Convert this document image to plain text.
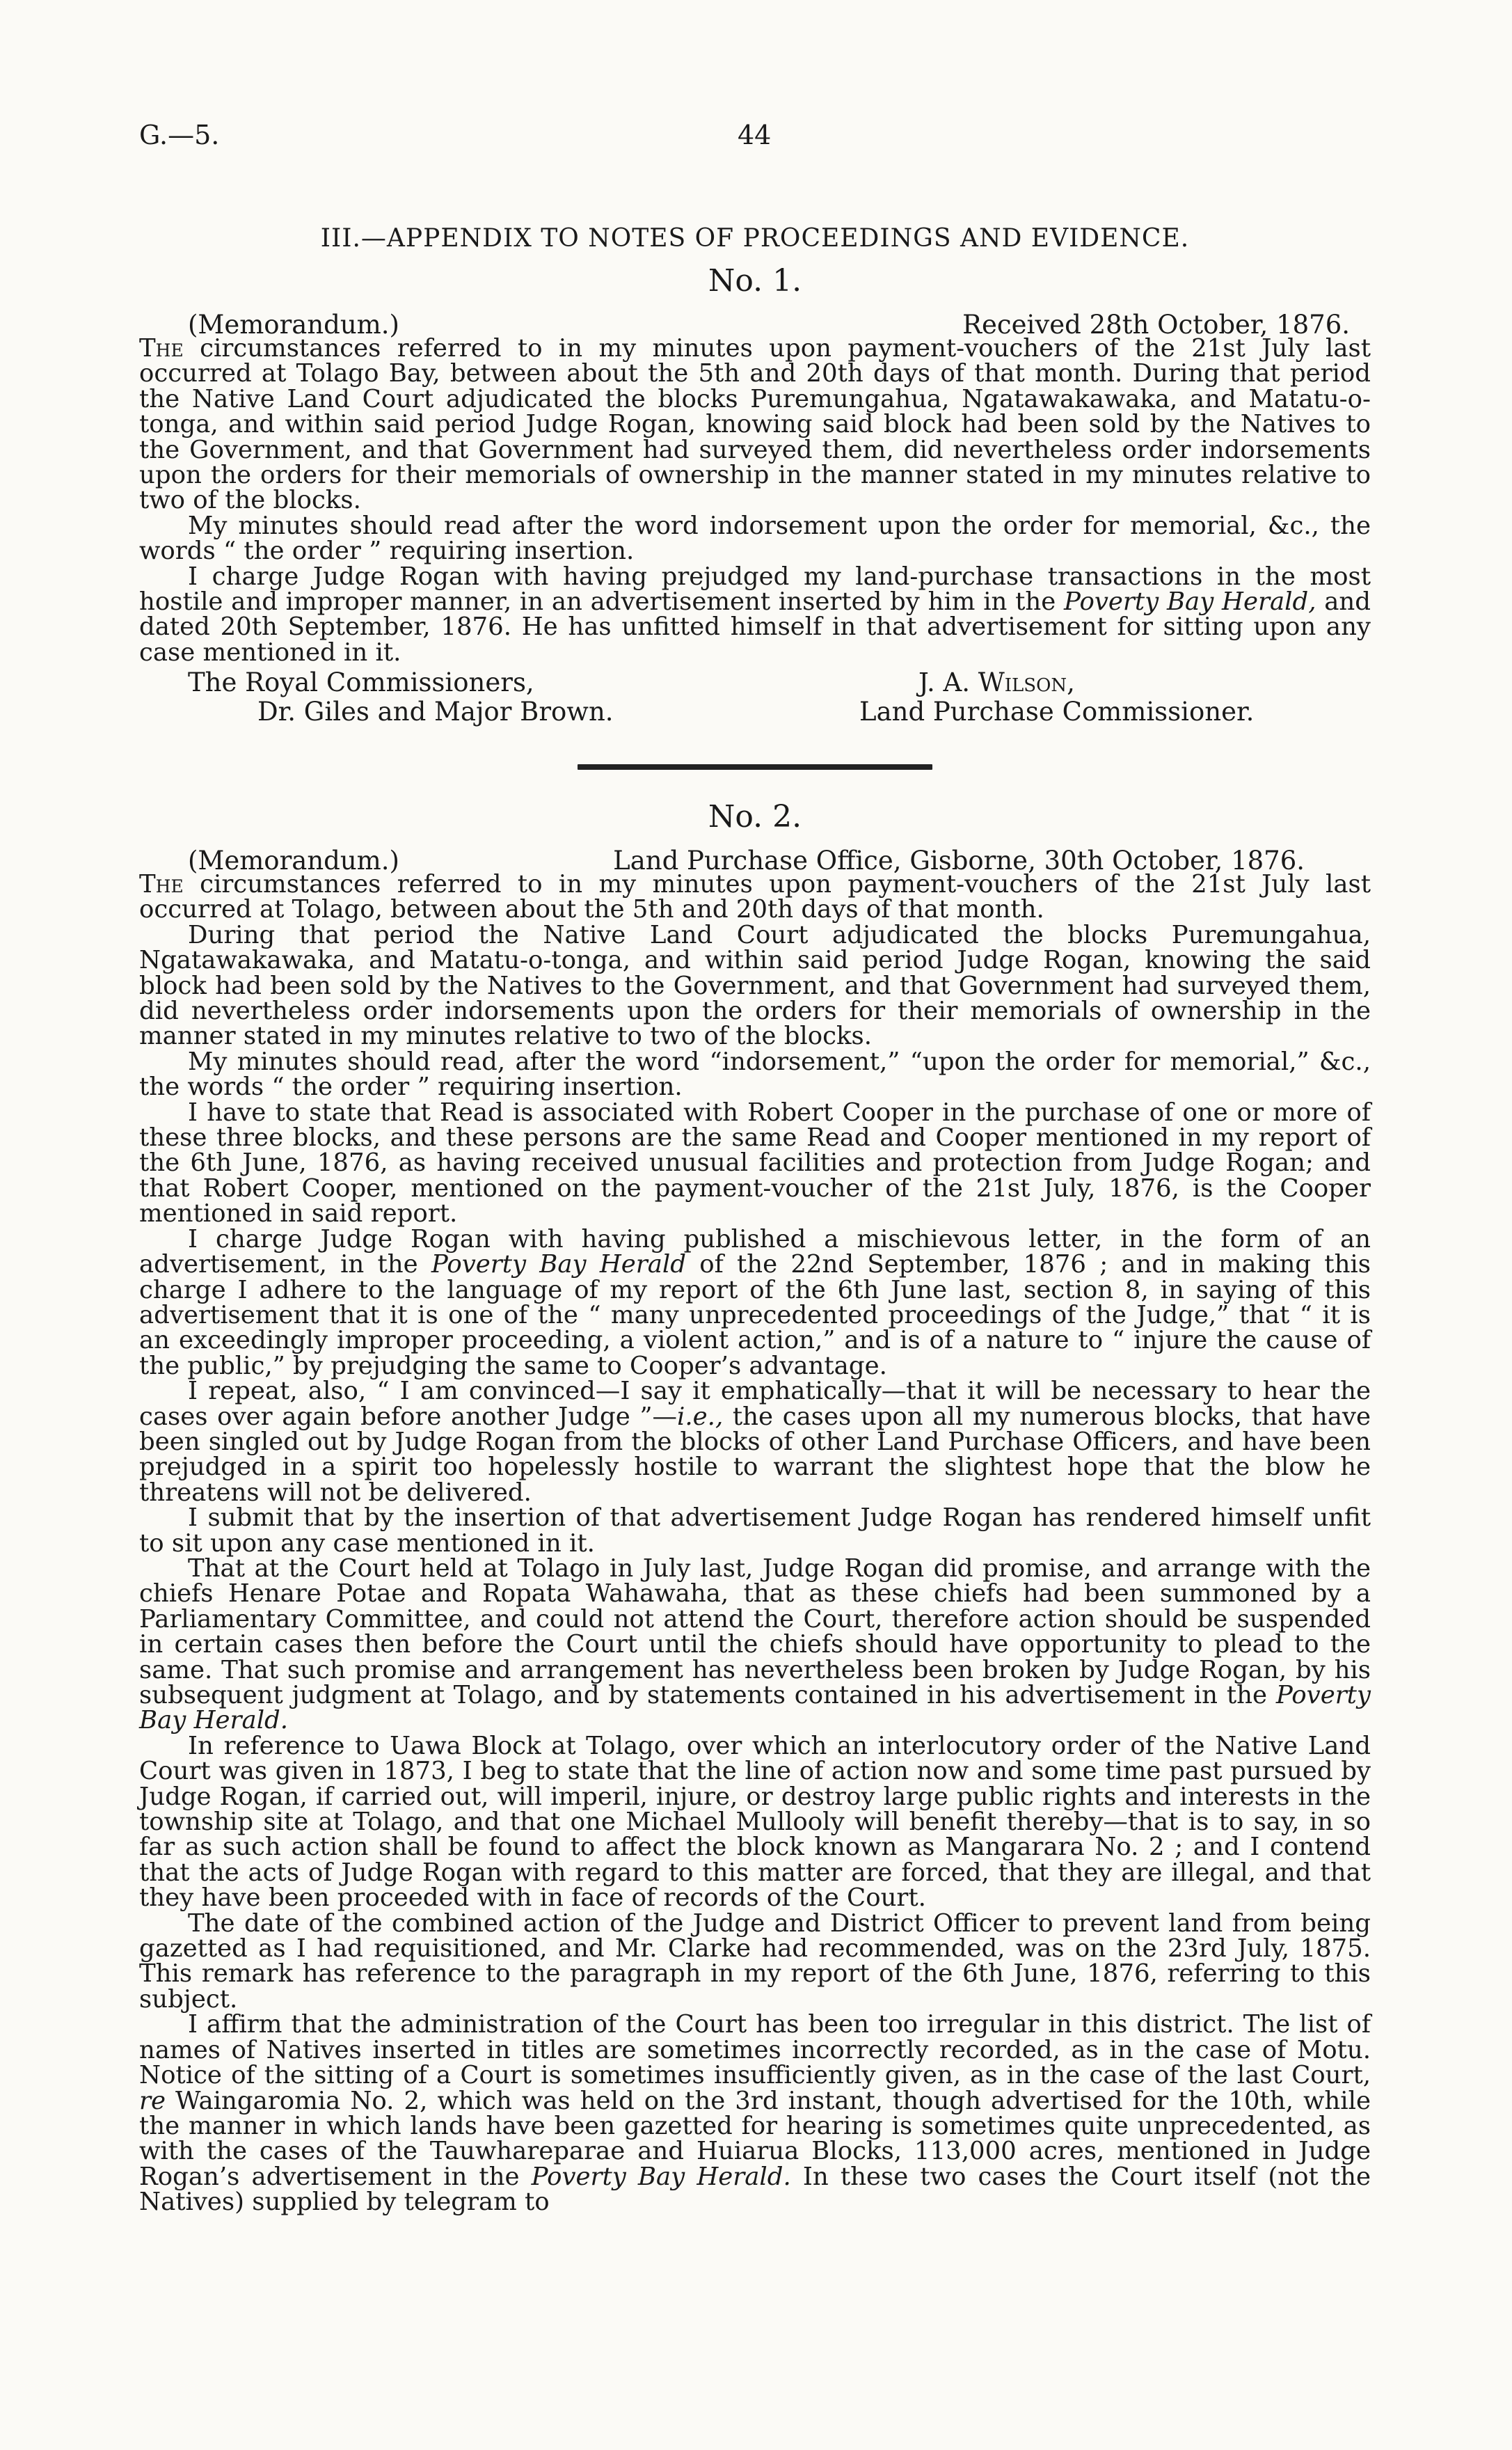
G.—5.	44
III.—APPENDIX TO NOTES OF PROCEEDINGS AND EVIDENCE.
No. 1.
(Memorandum.)	Received 28th October, 1876.

The circumstances referred to in my minutes upon payment-vouchers of the 21st July last occurred at Tolago Bay, between about the 5th and 20th days of that month. During that period the Native Land Court adjudicated the blocks Puremungahua, Ngatawakawaka, and Matatu-o-tonga, and within said period Judge Rogan, knowing said block had been sold by the Natives to the Government, and that Government had surveyed them, did nevertheless order indorsements upon the orders for their memorials of ownership in the manner stated in my minutes relative to two of the blocks.

My minutes should read after the word indorsement upon the order for memorial, &c., the words “ the order ” requiring insertion.

I charge Judge Rogan with having prejudged my land-purchase transactions in the most hostile and improper manner, in an advertisement inserted by him in the Poverty Bay Herald, and dated 20th September, 1876. He has unfitted himself in that advertisement for sitting upon any case mentioned in it.

The Royal Commissioners,	J. A. Wilson,
Dr. Giles and Major Brown.	Land Purchase Commissioner.
No. 2.
(Memorandum.)	Land Purchase Office, Gisborne, 30th October, 1876.

The circumstances referred to in my minutes upon payment-vouchers of the 21st July last occurred at Tolago, between about the 5th and 20th days of that month.

During that period the Native Land Court adjudicated the blocks Puremungahua, Ngatawakawaka, and Matatu-o-tonga, and within said period Judge Rogan, knowing the said block had been sold by the Natives to the Government, and that Government had surveyed them, did nevertheless order indorsements upon the orders for their memorials of ownership in the manner stated in my minutes relative to two of the blocks.

My minutes should read, after the word “indorsement,” “upon the order for memorial,” &c., the words “ the order ” requiring insertion.

I have to state that Read is associated with Robert Cooper in the purchase of one or more of these three blocks, and these persons are the same Read and Cooper mentioned in my report of the 6th June, 1876, as having received unusual facilities and protection from Judge Rogan; and that Robert Cooper, mentioned on the payment-voucher of the 21st July, 1876, is the Cooper mentioned in said report.

I charge Judge Rogan with having published a mischievous letter, in the form of an advertisement, in the Poverty Bay Herald of the 22nd September, 1876 ; and in making this charge I adhere to the language of my report of the 6th June last, section 8, in saying of this advertisement that it is one of the “ many unprecedented proceedings of the Judge,” that “ it is an exceedingly improper proceeding, a violent action,” and is of a nature to “ injure the cause of the public,” by prejudging the same to Cooper’s advantage.

I repeat, also, “ I am convinced—I say it emphatically—that it will be necessary to hear the cases over again before another Judge ”—i.e., the cases upon all my numerous blocks, that have been singled out by Judge Rogan from the blocks of other Land Purchase Officers, and have been prejudged in a spirit too hopelessly hostile to warrant the slightest hope that the blow he threatens will not be delivered.

I submit that by the insertion of that advertisement Judge Rogan has rendered himself unfit to sit upon any case mentioned in it.

That at the Court held at Tolago in July last, Judge Rogan did promise, and arrange with the chiefs Henare Potae and Ropata Wahawaha, that as these chiefs had been summoned by a Parliamentary Committee, and could not attend the Court, therefore action should be suspended in certain cases then before the Court until the chiefs should have opportunity to plead to the same. That such promise and arrangement has nevertheless been broken by Judge Rogan, by his subsequent judgment at Tolago, and by statements contained in his advertisement in the Poverty Bay Herald.

In reference to Uawa Block at Tolago, over which an interlocutory order of the Native Land Court was given in 1873, I beg to state that the line of action now and some time past pursued by Judge Rogan, if carried out, will imperil, injure, or destroy large public rights and interests in the township site at Tolago, and that one Michael Mullooly will benefit thereby—that is to say, in so far as such action shall be found to affect the block known as Mangarara No. 2 ; and I contend that the acts of Judge Rogan with regard to this matter are forced, that they are illegal, and that they have been proceeded with in face of records of the Court.

The date of the combined action of the Judge and District Officer to prevent land from being gazetted as I had requisitioned, and Mr. Clarke had recommended, was on the 23rd July, 1875. This remark has reference to the paragraph in my report of the 6th June, 1876, referring to this subject.

I affirm that the administration of the Court has been too irregular in this district. The list of names of Natives inserted in titles are sometimes incorrectly recorded, as in the case of Motu. Notice of the sitting of a Court is sometimes insufficiently given, as in the case of the last Court, re Waingaromia No. 2, which was held on the 3rd instant, though advertised for the 10th, while the manner in which lands have been gazetted for hearing is sometimes quite unprecedented, as with the cases of the Tauwhareparae and Huiarua Blocks, 113,000 acres, mentioned in Judge Rogan’s advertisement in the Poverty Bay Herald. In these two cases the Court itself (not the Natives) supplied by telegram to
